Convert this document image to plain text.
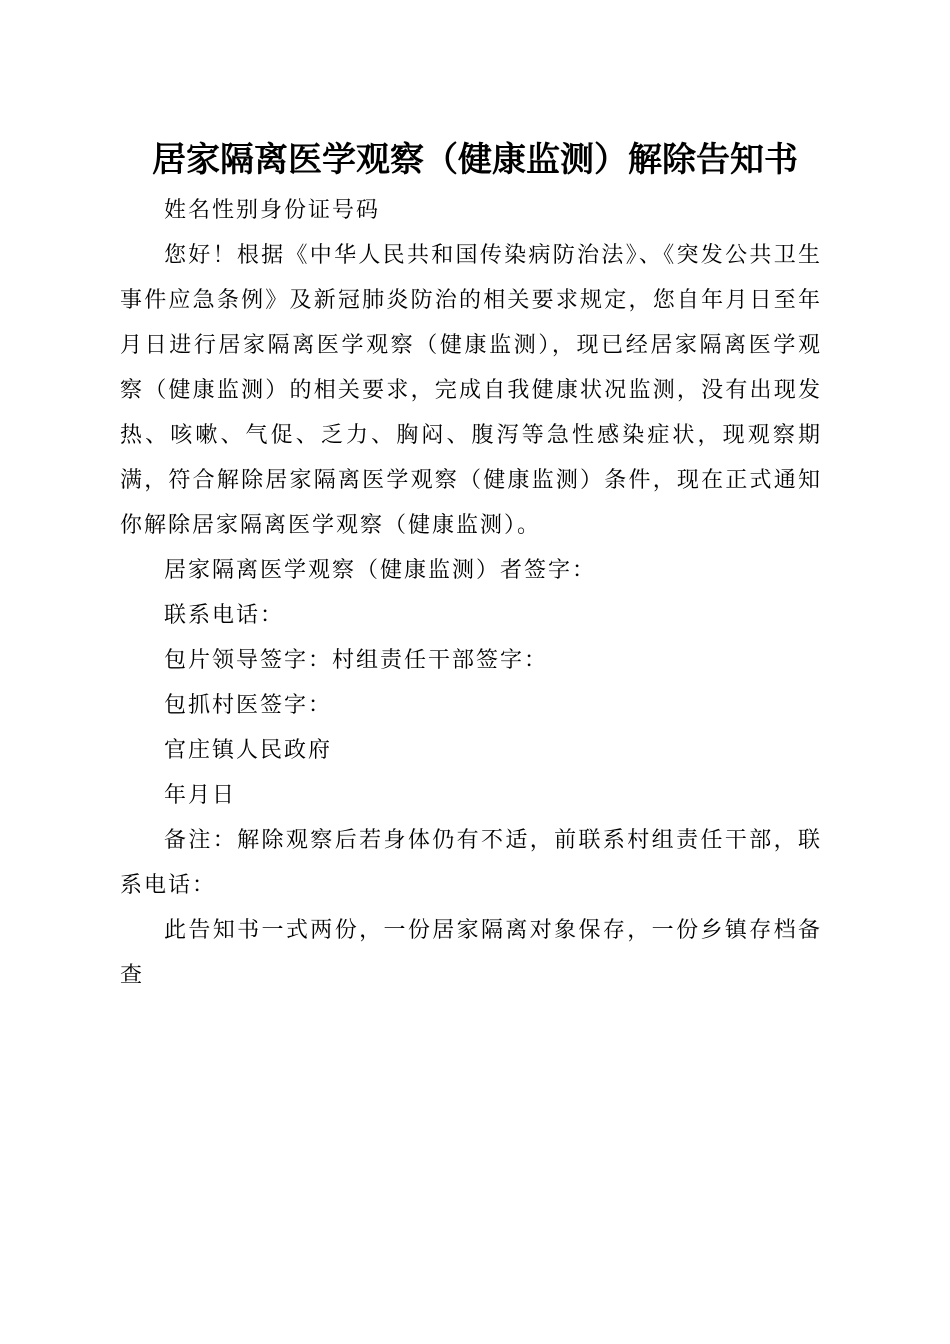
居家隔离医学观察（健康监测）解除告知书

姓名性别身份证号码

您好！根据《中华人民共和国传染病防治法》、《突发公共卫生事件应急条例》及新冠肺炎防治的相关要求规定，您自年月日至年月日进行居家隔离医学观察（健康监测），现已经居家隔离医学观察（健康监测）的相关要求，完成自我健康状况监测，没有出现发热、咳嗽、气促、乏力、胸闷、腹泻等急性感染症状，现观察期满，符合解除居家隔离医学观察（健康监测）条件，现在正式通知你解除居家隔离医学观察（健康监测）。

居家隔离医学观察（健康监测）者签字：

联系电话：

包片领导签字：村组责任干部签字：

包抓村医签字：

官庄镇人民政府

年月日

备注：解除观察后若身体仍有不适，前联系村组责任干部，联系电话：

此告知书一式两份，一份居家隔离对象保存，一份乡镇存档备查
